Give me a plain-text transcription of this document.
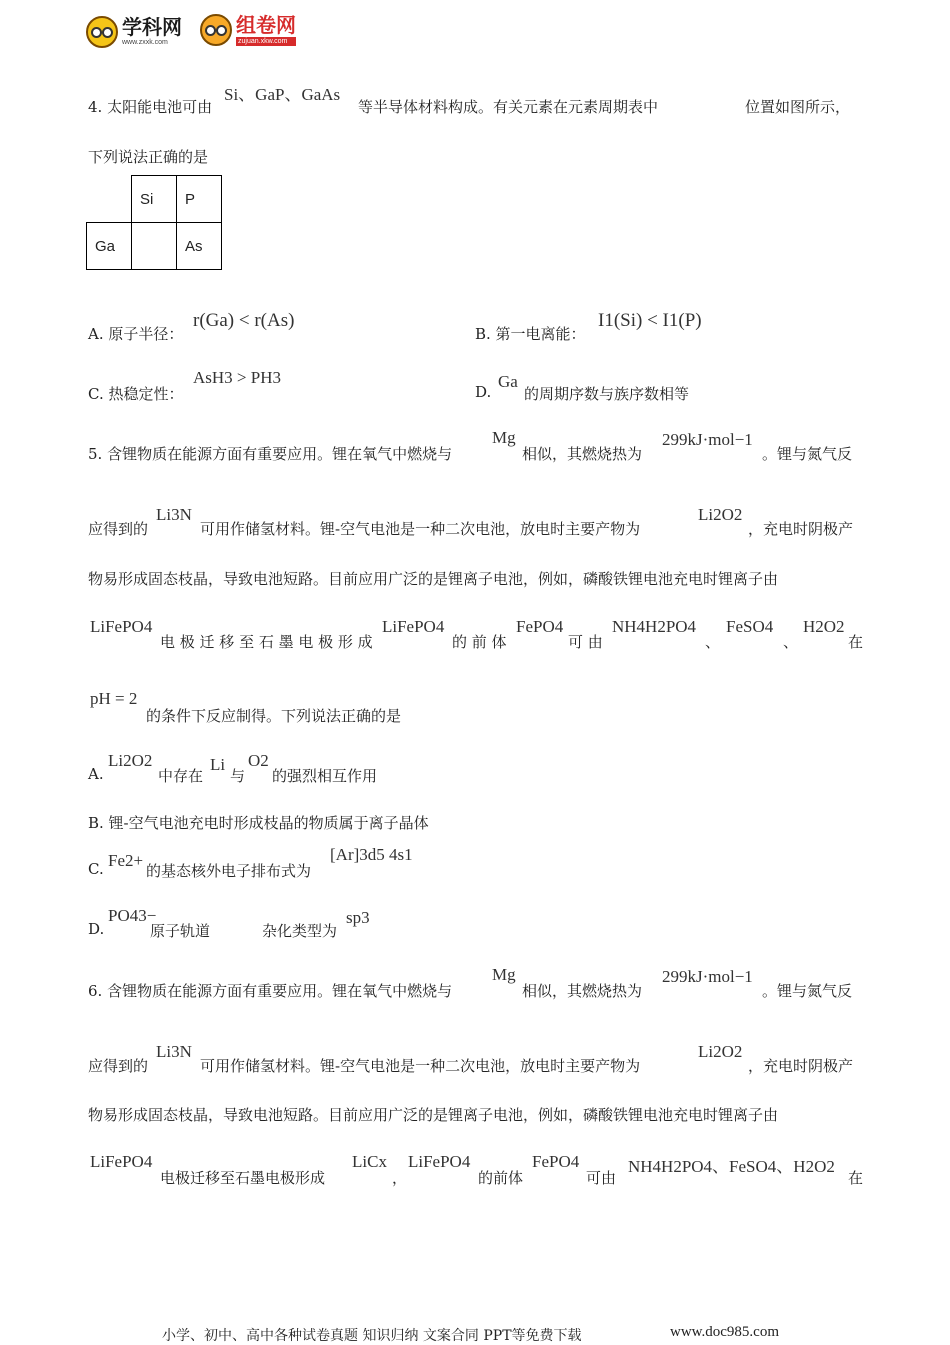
学科网
www.zxxk.com
组卷网
zujuan.xkw.com
4. 太阳能电池可由
Si、GaP、GaAs
等半导体材料构成。有关元素在元素周期表中	位置如图所示，
下列说法正确的是
	Si	P
Ga		As
A. 原子半径：
r(Ga) < r(As)
B. 第一电离能：
I1(Si) < I1(P)
C. 热稳定性：
AsH3 > PH3
D.
Ga
的周期序数与族序数相等
5. 含锂物质在能源方面有重要应用。锂在氧气中燃烧与
Mg
相似，其燃烧热为
299kJ·mol−1
。锂与氮气反
应得到的
Li3N
可用作储氢材料。锂-空气电池是一种二次电池，放电时主要产物为
Li2O2
，充电时阴极产
物易形成固态枝晶，导致电池短路。目前应用广泛的是锂离子电池，例如，磷酸铁锂电池充电时锂离子由
LiFePO4
电 极 迁 移 至 石 墨 电 极 形 成
LiFePO4
的 前 体
FePO4
可 由
NH4H2PO4
、
FeSO4
、
H2O2
在
pH = 2
的条件下反应制得。下列说法正确的是
A.
Li2O2
中存在
Li
与
O2
的强烈相互作用
B. 锂-空气电池充电时形成枝晶的物质属于离子晶体
C. Fe2+
的基态核外电子排布式为
[Ar]3d5 4s1
D.
PO43−
原子轨道	杂化类型为
sp3
6. 含锂物质在能源方面有重要应用。锂在氧气中燃烧与
Mg
相似，其燃烧热为
299kJ·mol−1
。锂与氮气反
应得到的
Li3N
可用作储氢材料。锂-空气电池是一种二次电池，放电时主要产物为
Li2O2
，充电时阴极产
物易形成固态枝晶，导致电池短路。目前应用广泛的是锂离子电池，例如，磷酸铁锂电池充电时锂离子由
LiFePO4
电极迁移至石墨电极形成
LiCx
，
LiFePO4
的前体
FePO4
可由
NH4H2PO4、FeSO4、H2O2
在
小学、初中、高中各种试卷真题 知识归纳 文案合同 PPT等免费下载	www.doc985.com
